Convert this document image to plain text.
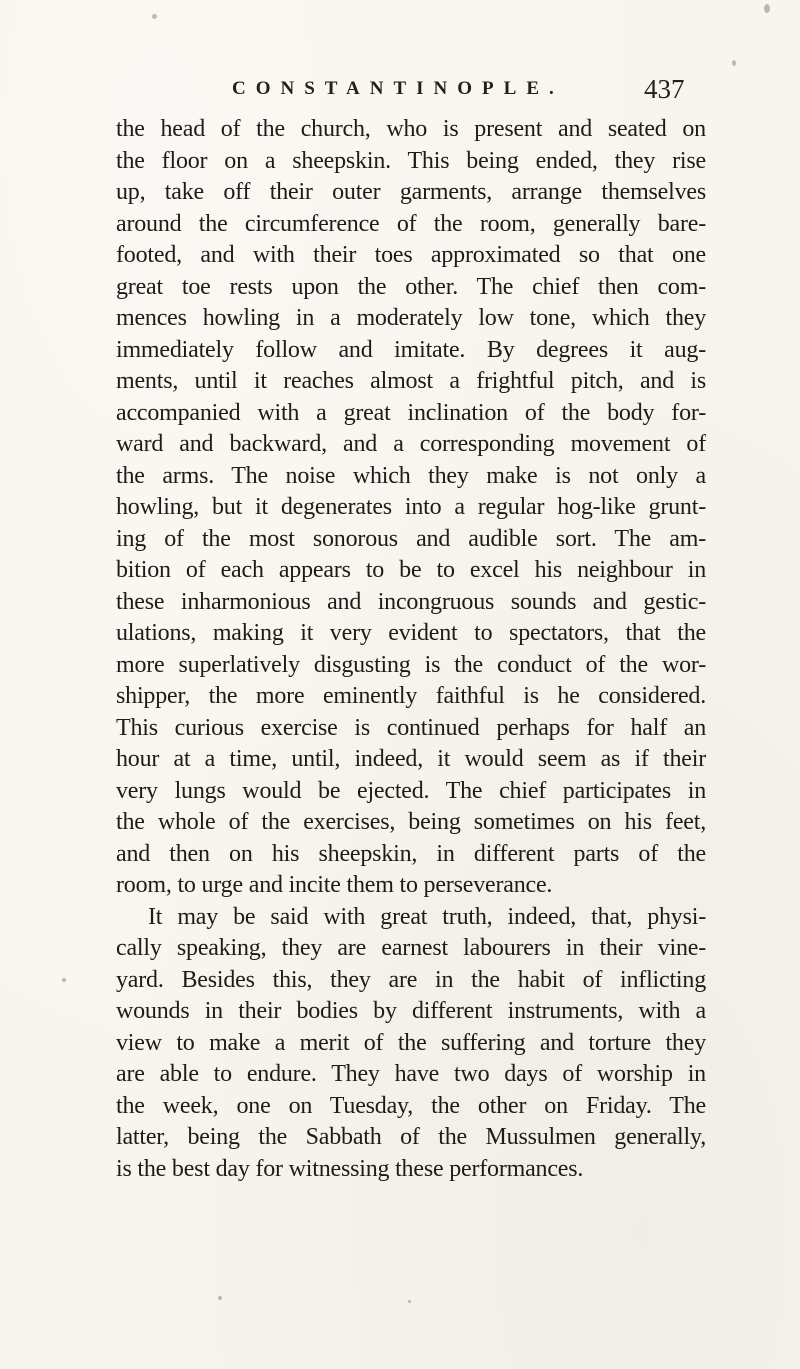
CONSTANTINOPLE.	437
the head of the church, who is present and seated on
the floor on a sheepskin. This being ended, they rise
up, take off their outer garments, arrange themselves
around the circumference of the room, generally bare-
footed, and with their toes approximated so that one
great toe rests upon the other. The chief then com-
mences howling in a moderately low tone, which they
immediately follow and imitate. By degrees it aug-
ments, until it reaches almost a frightful pitch, and is
accompanied with a great inclination of the body for-
ward and backward, and a corresponding movement of
the arms. The noise which they make is not only a
howling, but it degenerates into a regular hog-like grunt-
ing of the most sonorous and audible sort. The am-
bition of each appears to be to excel his neighbour in
these inharmonious and incongruous sounds and gestic-
ulations, making it very evident to spectators, that the
more superlatively disgusting is the conduct of the wor-
shipper, the more eminently faithful is he considered.
This curious exercise is continued perhaps for half an
hour at a time, until, indeed, it would seem as if their
very lungs would be ejected. The chief participates in
the whole of the exercises, being sometimes on his feet,
and then on his sheepskin, in different parts of the
room, to urge and incite them to perseverance.
It may be said with great truth, indeed, that, physi-
cally speaking, they are earnest labourers in their vine-
yard. Besides this, they are in the habit of inflicting
wounds in their bodies by different instruments, with a
view to make a merit of the suffering and torture they
are able to endure. They have two days of worship in
the week, one on Tuesday, the other on Friday. The
latter, being the Sabbath of the Mussulmen generally,
is the best day for witnessing these performances.
